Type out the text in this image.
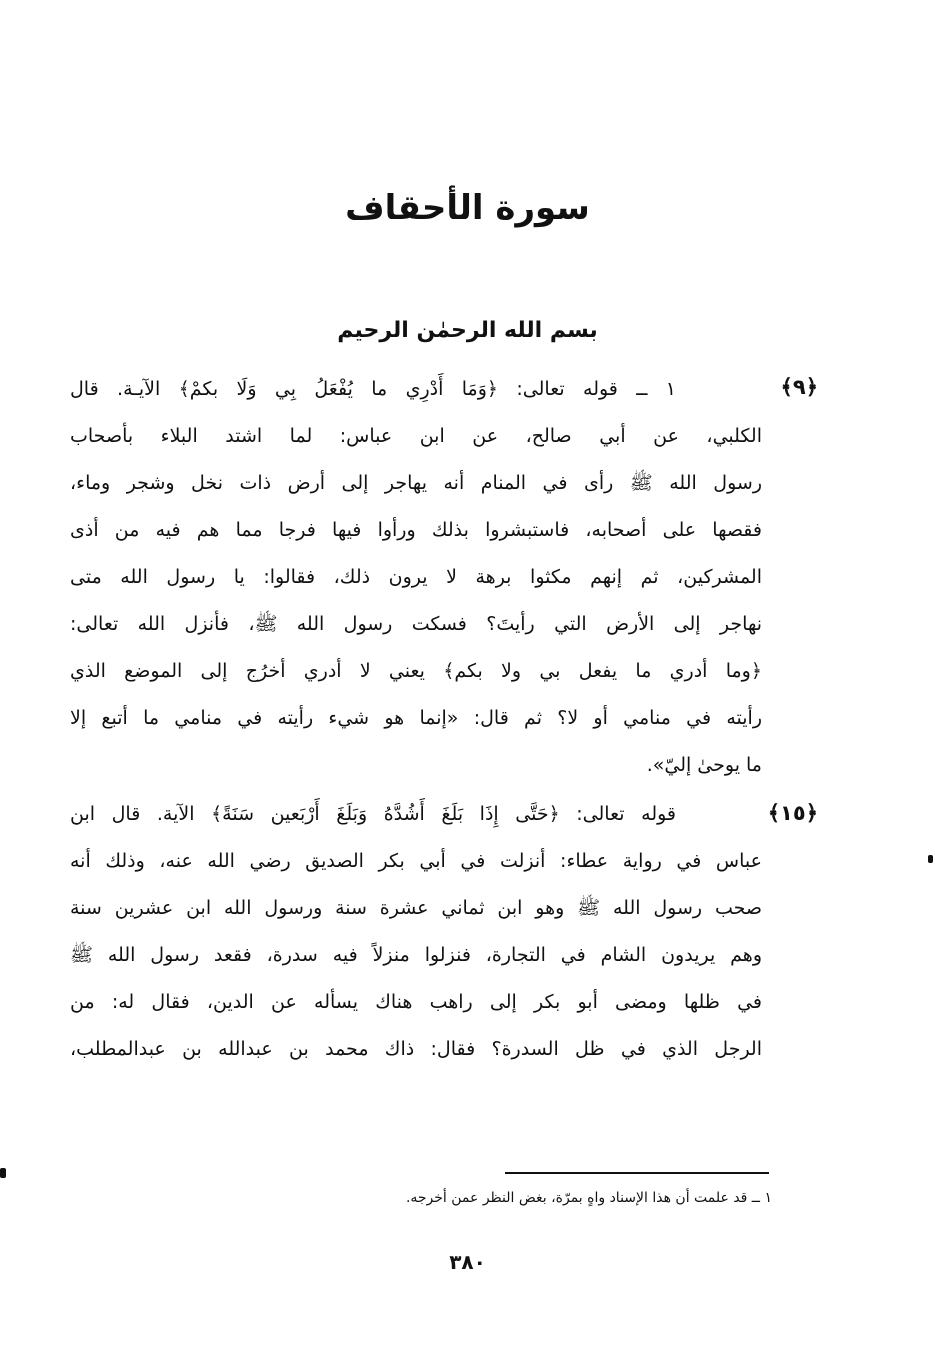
سورة الأحقاف
بسم الله الرحمٰن الرحيم
﴿٩﴾
١ ــ قوله تعالى: ﴿وَمَا أَدْرِي ما يُفْعَلُ بِي وَلَا بكمْ﴾ الآيـة. قال
الكلبي، عن أبي صالح، عن ابن عباس: لما اشتد البلاء بأصحاب
رسول الله ﷺ رأى في المنام أنه يهاجر إلى أرض ذات نخل وشجر وماء،
فقصها على أصحابه، فاستبشروا بذلك ورأوا فيها فرجا مما هم فيه من أذى
المشركين، ثم إنهم مكثوا برهة لا يرون ذلك، فقالوا: يا رسول الله متى
نهاجر إلى الأرض التي رأيتَ؟ فسكت رسول الله ﷺ، فأنزل الله تعالى:
﴿وما أدري ما يفعل بي ولا بكم﴾ يعني لا أدري أخرُج إلى الموضع الذي
رأيته في منامي أو لا؟ ثم قال: «إنما هو شيء رأيته في منامي ما أتبع إلا
ما يوحىٰ إليّ».
﴿١٥﴾
قوله تعالى: ﴿حَتَّى إِذَا بَلَغَ أَشُدَّهُ وَبَلَغَ أَرْبَعين سَنَةً﴾ الآية. قال ابن
عباس في رواية عطاء: أنزلت في أبي بكر الصديق رضي الله عنه، وذلك أنه
صحب رسول الله ﷺ وهو ابن ثماني عشرة سنة ورسول الله ابن عشرين سنة
وهم يريدون الشام في التجارة، فنزلوا منزلاً فيه سدرة، فقعد رسول الله ﷺ
في ظلها ومضى أبو بكر إلى راهب هناك يسأله عن الدين، فقال له: من
الرجل الذي في ظل السدرة؟ فقال: ذاك محمد بن عبدالله بن عبدالمطلب،
١ ــ قد علمت أن هذا الإسناد واهٍ بمرّة، بغض النظر عمن أخرجه.
٣٨٠
